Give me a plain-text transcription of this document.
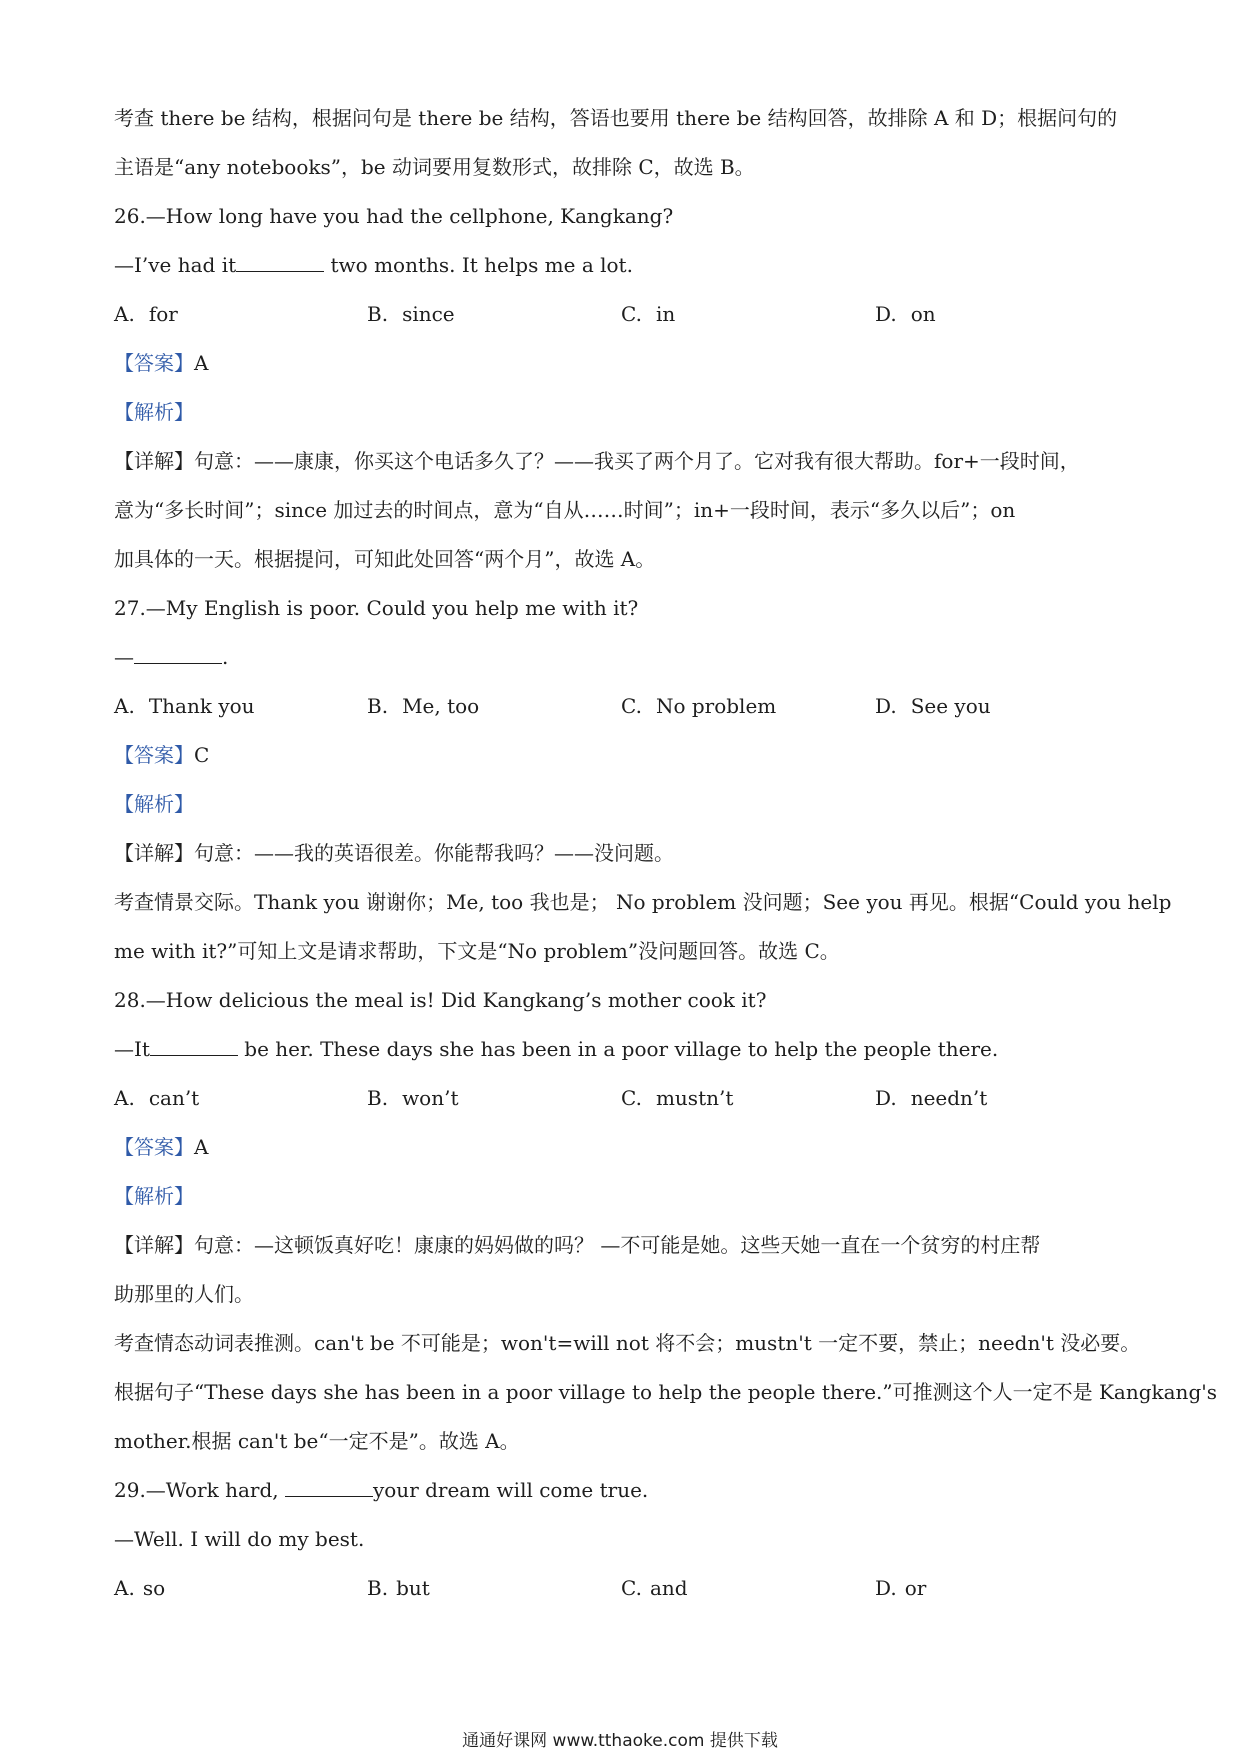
考查 there be 结构，根据问句是 there be 结构，答语也要用 there be 结构回答，故排除 A 和 D；根据问句的
主语是“any notebooks”，be 动词要用复数形式，故排除 C，故选 B。
26.—How long have you had the cellphone, Kangkang?
—I’ve had it	two months. It helps me a lot.
A. for	B. since	C. in	D. on
【答案】A
【解析】
【详解】句意：——康康，你买这个电话多久了？——我买了两个月了。它对我有很大帮助。for+一段时间，
意为“多长时间”；since 加过去的时间点，意为“自从……时间”；in+一段时间，表示“多久以后”；on
加具体的一天。根据提问，可知此处回答“两个月”，故选 A。
27.—My English is poor. Could you help me with it?
—	.
A. Thank you	B. Me, too	C. No problem	D. See you
【答案】C
【解析】
【详解】句意：——我的英语很差。你能帮我吗？——没问题。
考查情景交际。Thank you 谢谢你；Me, too 我也是； No problem 没问题；See you 再见。根据“Could you help
me with it?”可知上文是请求帮助，下文是“No problem”没问题回答。故选 C。
28.—How delicious the meal is! Did Kangkang’s mother cook it?
—It	be her. These days she has been in a poor village to help the people there.
A. can’t	B. won’t	C. mustn’t	D. needn’t
【答案】A
【解析】
【详解】句意：—这顿饭真好吃！康康的妈妈做的吗？ —不可能是她。这些天她一直在一个贫穷的村庄帮
助那里的人们。
考查情态动词表推测。can't be 不可能是；won't=will not 将不会；mustn't 一定不要，禁止；needn't 没必要。
根据句子“These days she has been in a poor village to help the people there.”可推测这个人一定不是 Kangkang's
mother.根据 can't be“一定不是”。故选 A。
29.—Work hard,	your dream will come true.
—Well. I will do my best.
A. so	B. but	C. and	D. or
通通好课网 www.tthaoke.com 提供下载
